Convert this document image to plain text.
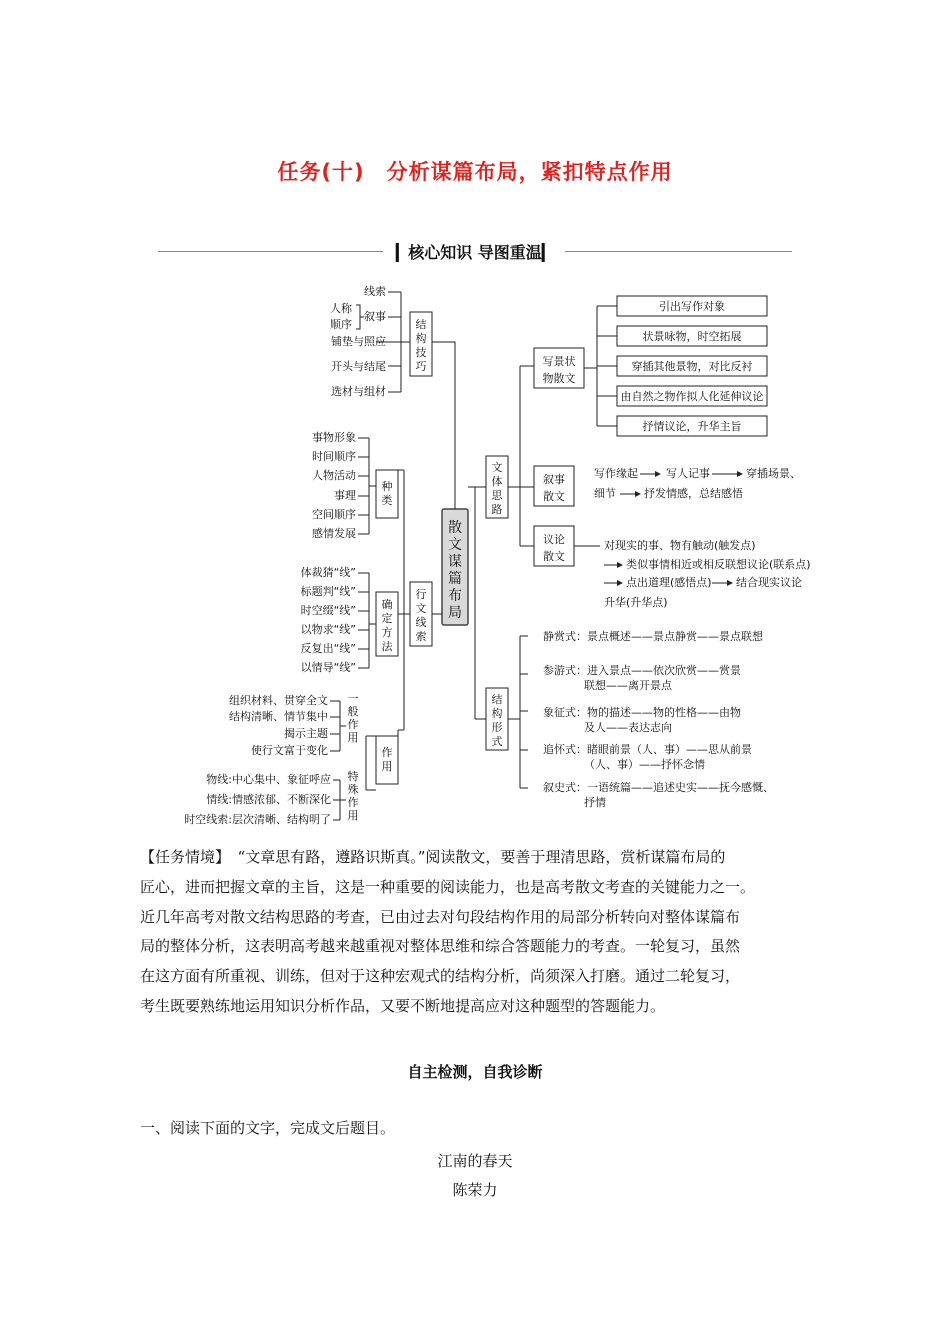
任务(十)　分析谋篇布局，紧扣特点作用
▎核心知识 导图重温▎
散文谋篇布局
结构技巧
线索
人称
顺序
叙事
铺垫与照应
开头与结尾
选材与组材
行文线索
种类
事物形象
时间顺序
人物活动
事理
空间顺序
感情发展
确定方法
体裁猜“线”
标题判“线”
时空缀“线”
以物求“线”
反复出“线”
以情导“线”
作用
一般作用
组织材料、贯穿全文
结构清晰、情节集中
揭示主题
使行文富于变化
特殊作用
物线:中心集中、象征呼应
情线:情感浓郁、不断深化
时空线索:层次清晰、结构明了
文体思路
写景状
物散文
引出写作对象
状景咏物，时空拓展
穿插其他景物，对比反衬
由自然之物作拟人化延伸议论
抒情议论，升华主旨
叙事
散文
写作缘起	写人记事	穿插场景、
细节	抒发情感，总结感悟
议论
散文
对现实的事、物有触动(触发点)
类似事情相近或相反联想议论(联系点)
点出道理(感悟点) 结合现实议论
升华(升华点)
结构形式
静赏式：景点概述——景点静赏——景点联想
参游式：进入景点——依次欣赏——赏景
联想——离开景点
象征式：物的描述——物的性格——由物
及人——表达志向
追怀式：睹眼前景（人、事）——思从前景
（人、事）——抒怀念情
叙史式：一语统篇——追述史实——抚今感慨、
抒情
【任务情境】　 “文章思有路，遵路识斯真。”阅读散文，要善于理清思路，赏析谋篇布局的
匠心，进而把握文章的主旨，这是一种重要的阅读能力，也是高考散文考查的关键能力之一。
近几年高考对散文结构思路的考查，已由过去对句段结构作用的局部分析转向对整体谋篇布
局的整体分析，这表明高考越来越重视对整体思维和综合答题能力的考查。一轮复习，虽然
在这方面有所重视、训练，但对于这种宏观式的结构分析，尚须深入打磨。通过二轮复习，
考生既要熟练地运用知识分析作品，又要不断地提高应对这种题型的答题能力。
自主检测，自我诊断
一、阅读下面的文字，完成文后题目。
江南的春天
陈荣力
